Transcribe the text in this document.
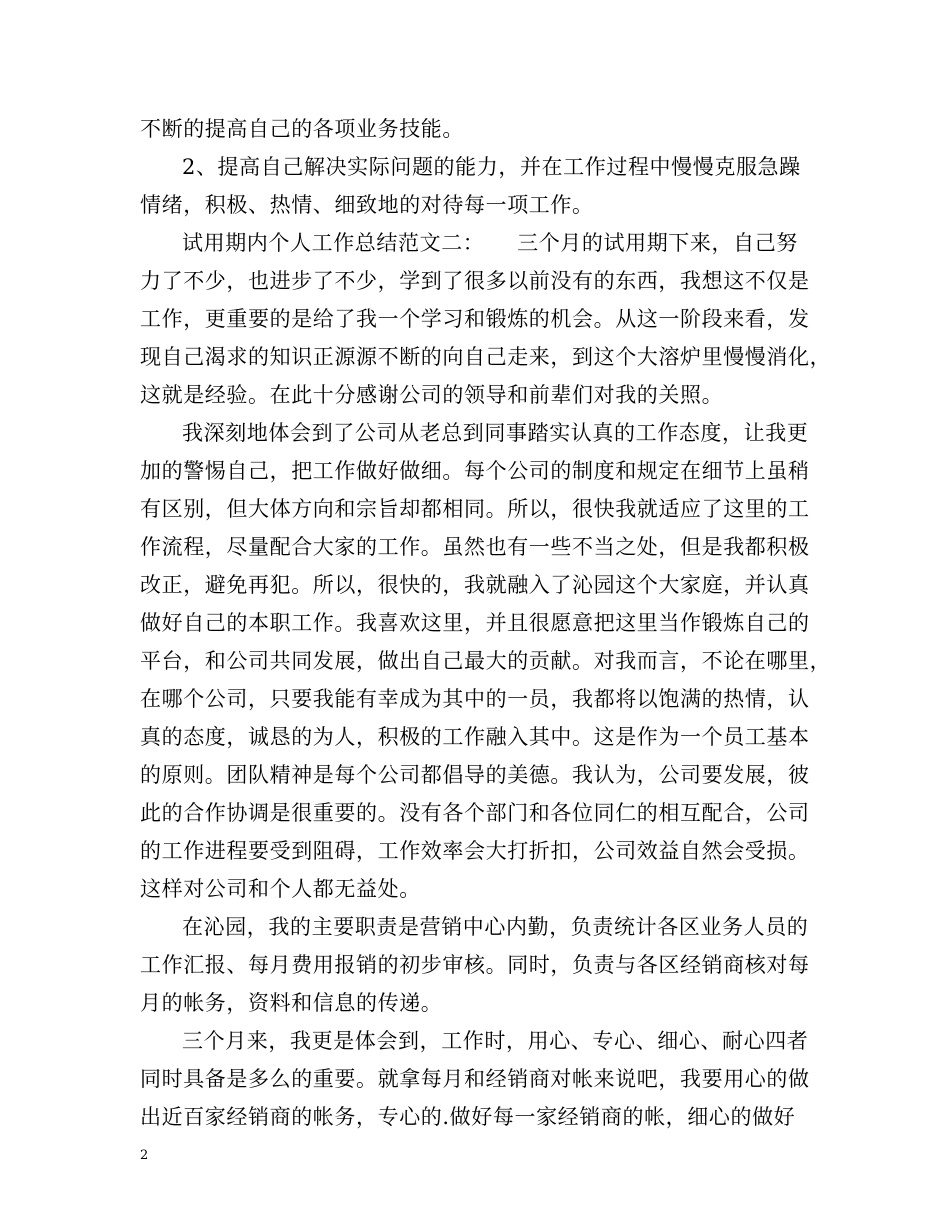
不断的提高自己的各项业务技能。
2、提高自己解决实际问题的能力，并在工作过程中慢慢克服急躁
情绪，积极、热情、细致地的对待每一项工作。
试用期内个人工作总结范文二：　　三个月的试用期下来，自己努
力了不少，也进步了不少，学到了很多以前没有的东西，我想这不仅是
工作，更重要的是给了我一个学习和锻炼的机会。从这一阶段来看，发
现自己渴求的知识正源源不断的向自己走来，到这个大溶炉里慢慢消化，
这就是经验。在此十分感谢公司的领导和前辈们对我的关照。
我深刻地体会到了公司从老总到同事踏实认真的工作态度，让我更
加的警惕自己，把工作做好做细。每个公司的制度和规定在细节上虽稍
有区别，但大体方向和宗旨却都相同。所以，很快我就适应了这里的工
作流程，尽量配合大家的工作。虽然也有一些不当之处，但是我都积极
改正，避免再犯。所以，很快的，我就融入了沁园这个大家庭，并认真
做好自己的本职工作。我喜欢这里，并且很愿意把这里当作锻炼自己的
平台，和公司共同发展，做出自己最大的贡献。对我而言，不论在哪里，
在哪个公司，只要我能有幸成为其中的一员，我都将以饱满的热情，认
真的态度，诚恳的为人，积极的工作融入其中。这是作为一个员工基本
的原则。团队精神是每个公司都倡导的美德。我认为，公司要发展，彼
此的合作协调是很重要的。没有各个部门和各位同仁的相互配合，公司
的工作进程要受到阻碍，工作效率会大打折扣，公司效益自然会受损。
这样对公司和个人都无益处。
在沁园，我的主要职责是营销中心内勤，负责统计各区业务人员的
工作汇报、每月费用报销的初步审核。同时，负责与各区经销商核对每
月的帐务，资料和信息的传递。
三个月来，我更是体会到，工作时，用心、专心、细心、耐心四者
同时具备是多么的重要。就拿每月和经销商对帐来说吧，我要用心的做
出近百家经销商的帐务，专心的.做好每一家经销商的帐，细心的做好
2
